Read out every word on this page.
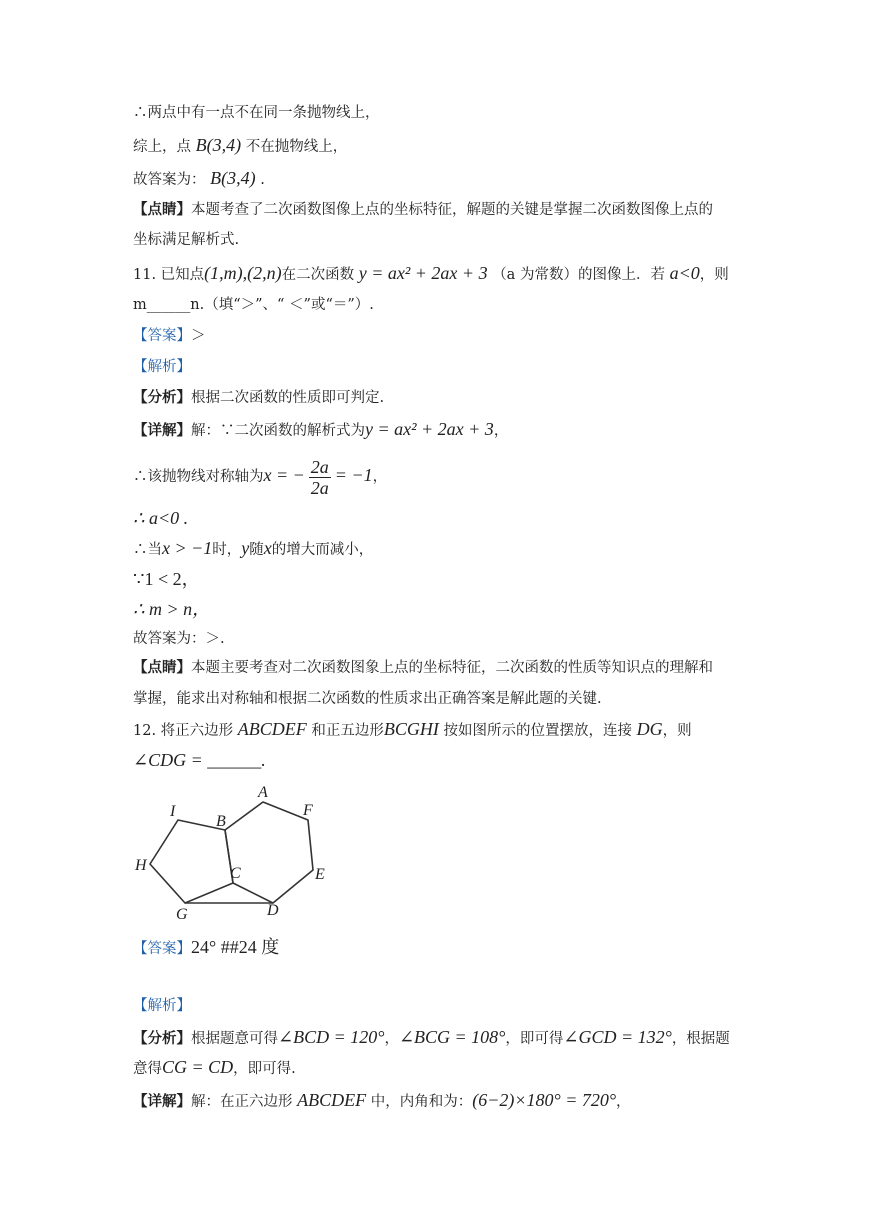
∴两点中有一点不在同一条抛物线上，
综上，点 B(3,4) 不在抛物线上，
故答案为： B(3,4) .
【点睛】本题考查了二次函数图像上点的坐标特征，解题的关键是掌握二次函数图像上点的
坐标满足解析式.
11. 已知点(1,m),(2,n)在二次函数 y = ax² + 2ax + 3 （a 为常数）的图像上．若 a<0，则
m______n.（填“＞”、“ ＜”或“＝”）.
【答案】＞
【解析】
【分析】根据二次函数的性质即可判定.
【详解】解：∵二次函数的解析式为y = ax² + 2ax + 3，
∴该抛物线对称轴为x = − $\frac{2a}{2a} = -1$，
∴ a<0 .
∴当x > −1时，y随x的增大而减小，
∵1 < 2，
∴ m > n，
故答案为：＞.
【点睛】本题主要考查对二次函数图象上点的坐标特征，二次函数的性质等知识点的理解和
掌握，能求出对称轴和根据二次函数的性质求出正确答案是解此题的关键.
12. 将正六边形 ABCDEF 和正五边形BCGHI 按如图所示的位置摆放，连接 DG，则
∠CDG = ______.
A
F
I
B
H	C	E
G	D
【答案】24° ##24 度
【解析】
【分析】根据题意可得∠BCD = 120°，∠BCG = 108°，即可得∠GCD = 132°，根据题
意得CG = CD，即可得.
【详解】解：在正六边形 ABCDEF 中，内角和为：(6−2)×180° = 720°，
